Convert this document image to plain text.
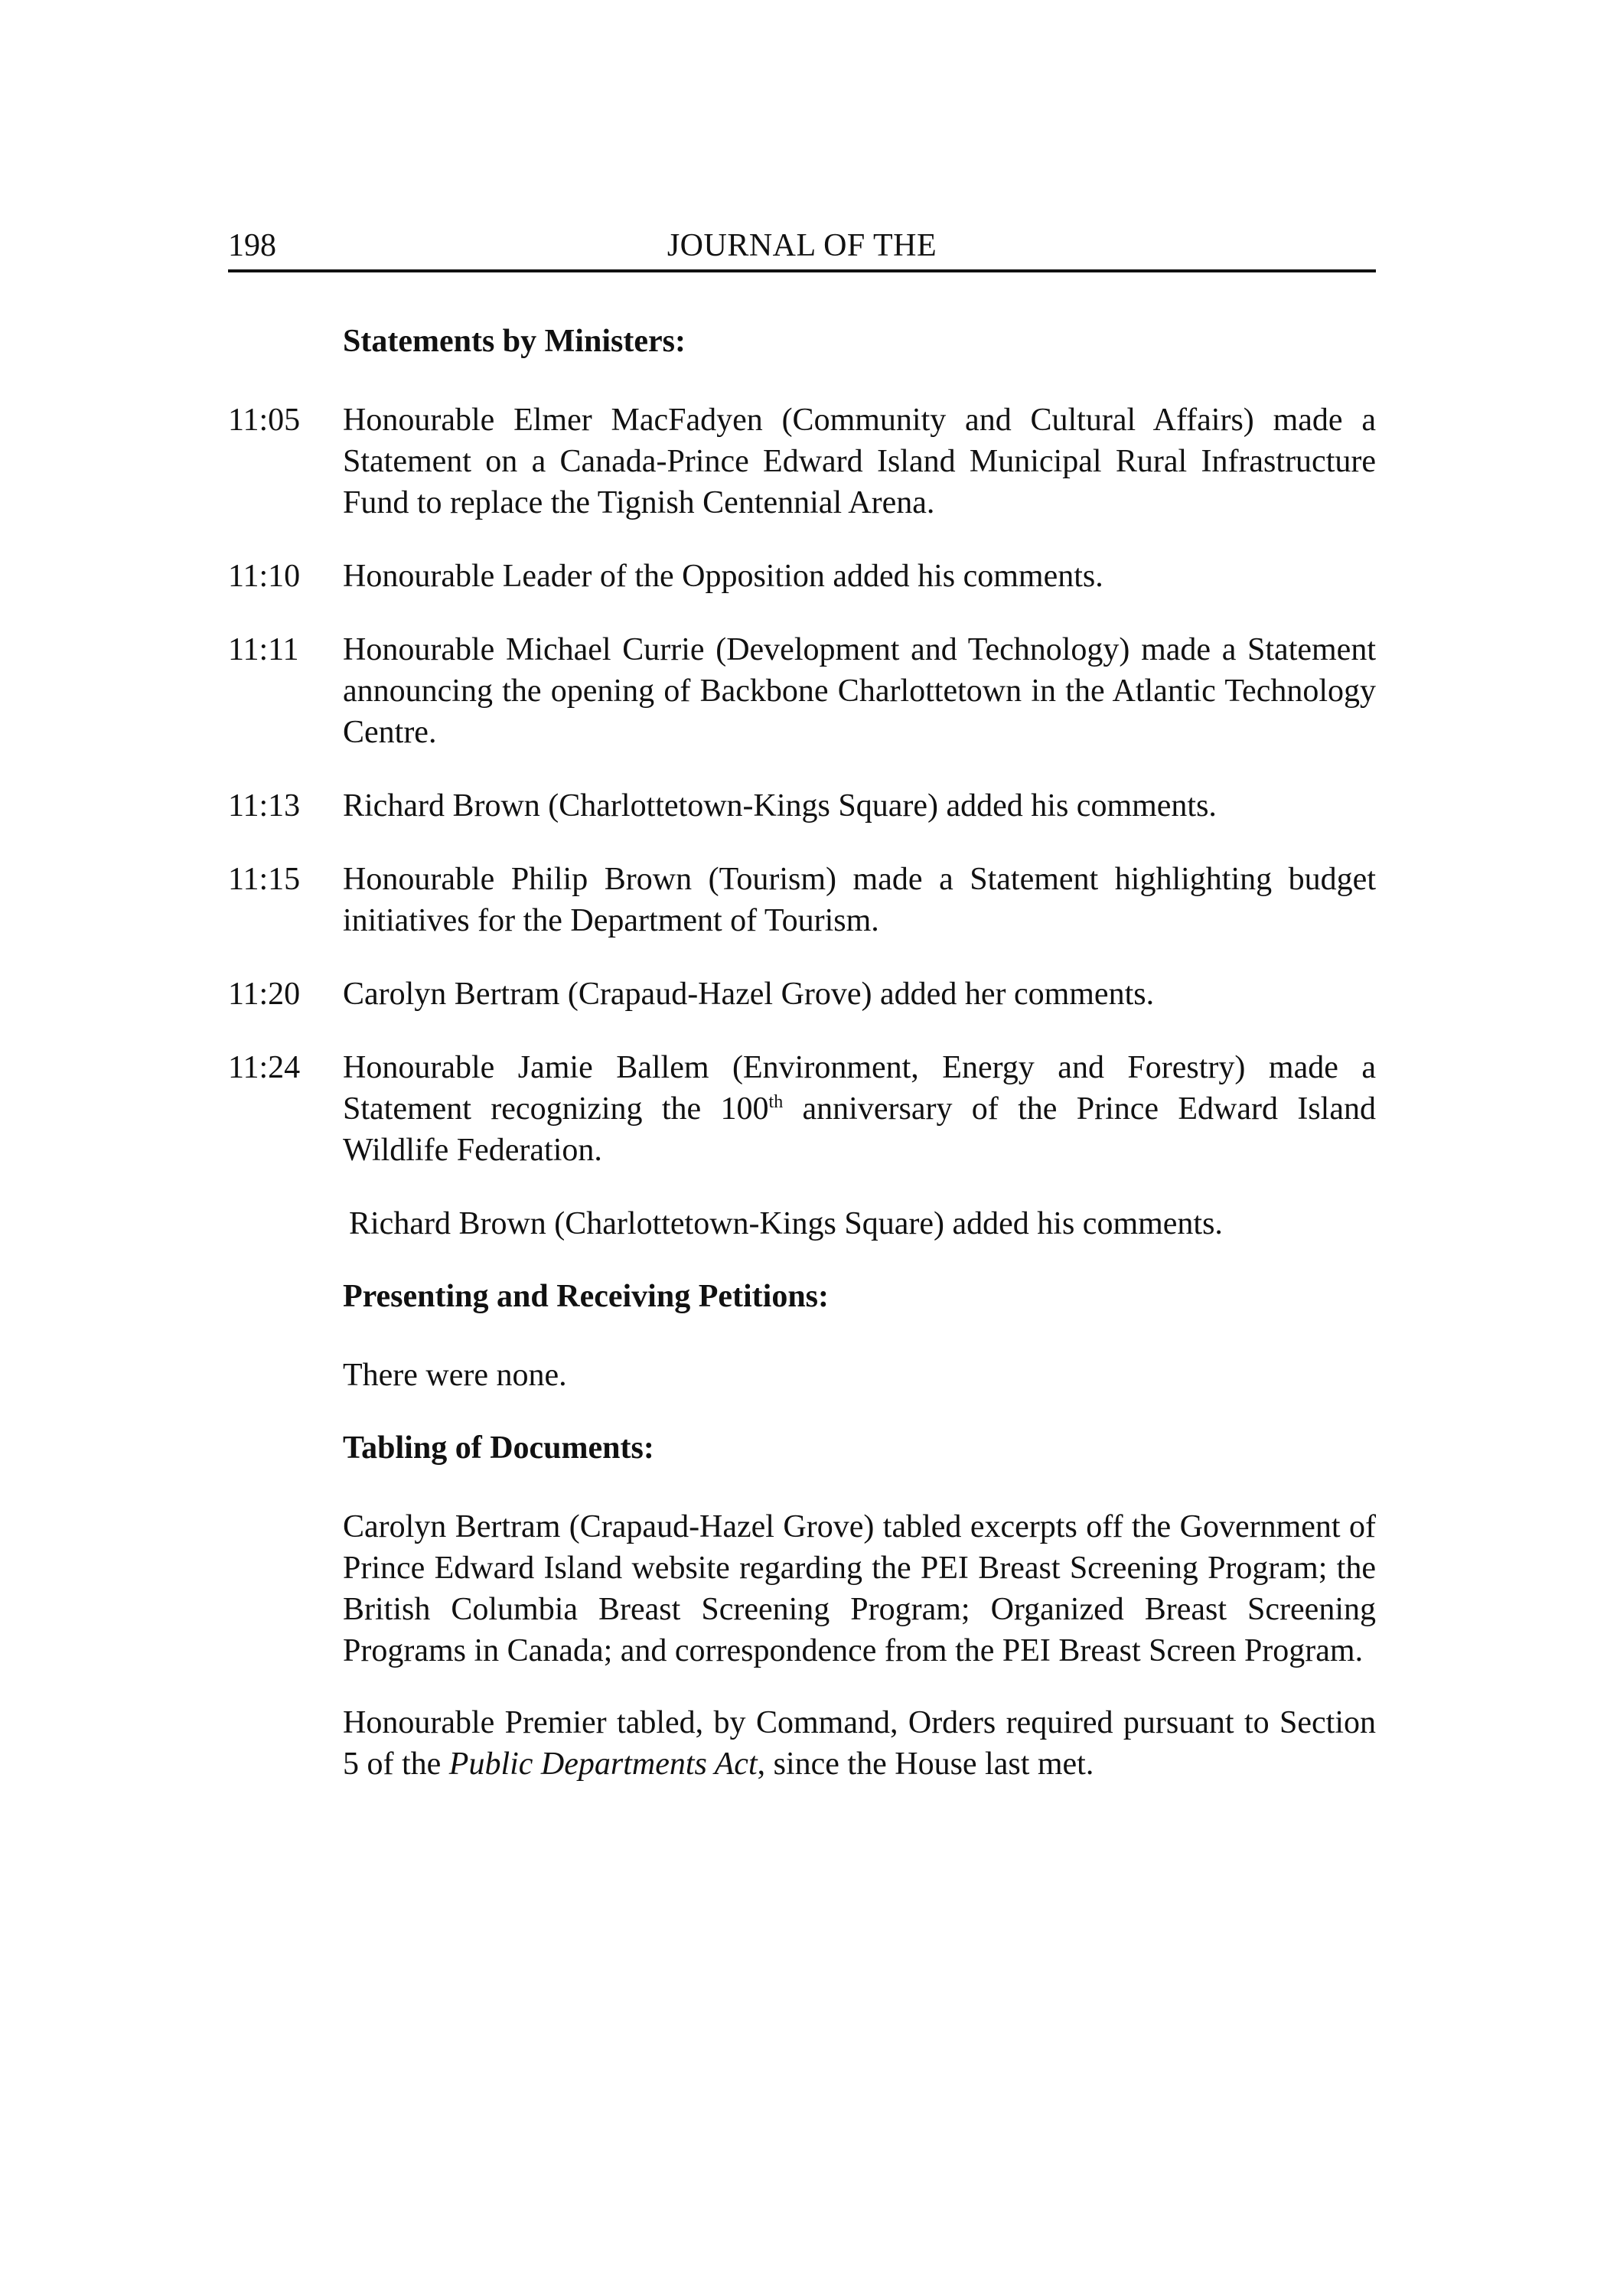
198	JOURNAL OF THE
Statements by Ministers:
11:05	Honourable Elmer MacFadyen (Community and Cultural Affairs) made a Statement on a Canada-Prince Edward Island Municipal Rural Infrastructure Fund to replace the Tignish Centennial Arena.
11:10	Honourable Leader of the Opposition added his comments.
11:11	Honourable Michael Currie (Development and Technology) made a Statement announcing the opening of Backbone Charlottetown in the Atlantic Technology Centre.
11:13	Richard Brown (Charlottetown-Kings Square) added his comments.
11:15	Honourable Philip Brown (Tourism) made a Statement highlighting budget initiatives for the Department of Tourism.
11:20	Carolyn Bertram (Crapaud-Hazel Grove) added her comments.
11:24	Honourable Jamie Ballem (Environment, Energy and Forestry) made a Statement recognizing the 100th anniversary of the Prince Edward Island Wildlife Federation.
Richard Brown (Charlottetown-Kings Square) added his comments.
Presenting and Receiving Petitions:
There were none.
Tabling of Documents:
Carolyn Bertram (Crapaud-Hazel Grove) tabled excerpts off the Government of Prince Edward Island website regarding the PEI Breast Screening Program; the British Columbia Breast Screening Program; Organized Breast Screening Programs in Canada; and correspondence from the PEI Breast Screen Program.
Honourable Premier tabled, by Command, Orders required pursuant to Section 5 of the Public Departments Act, since the House last met.
